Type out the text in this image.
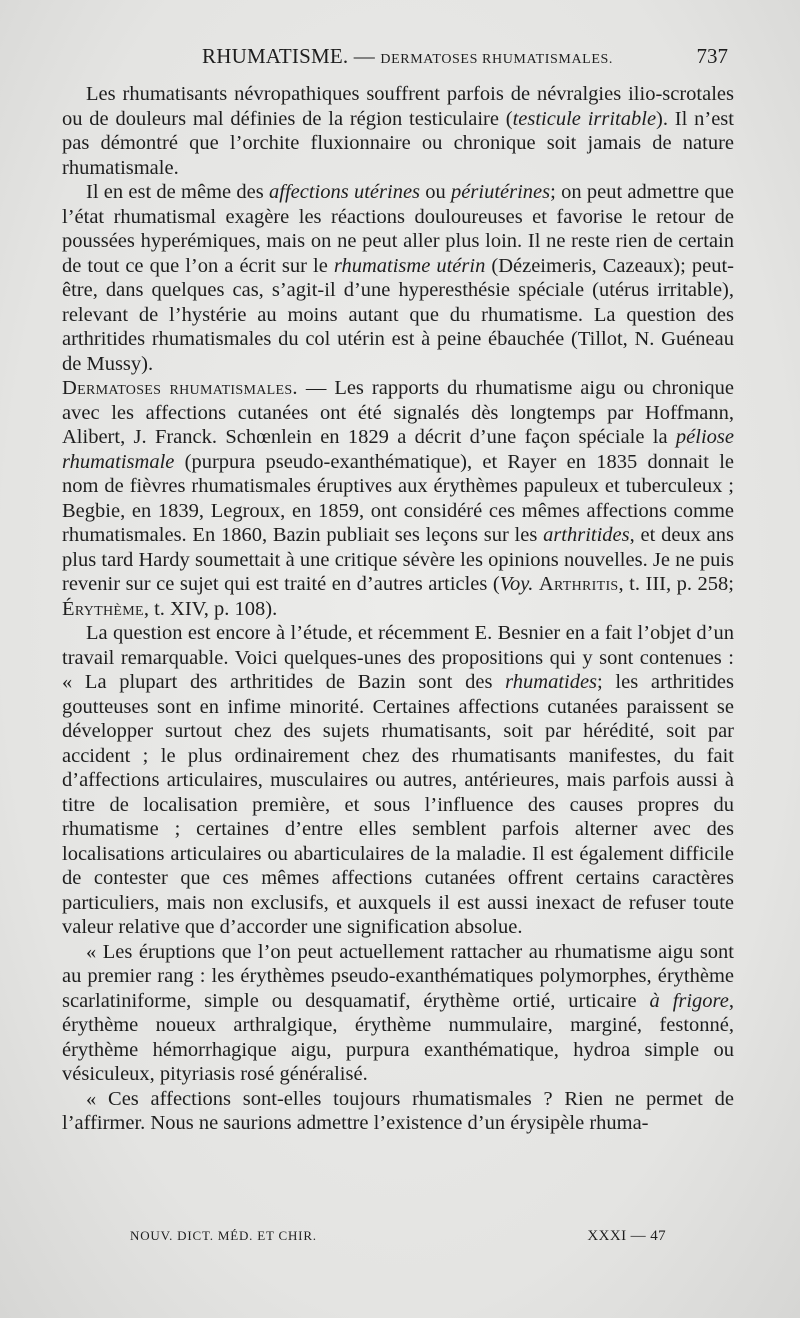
RHUMATISME. — DERMATOSES RHUMATISMALES.	737

Les rhumatisants névropathiques souffrent parfois de névralgies ilio-scrotales ou de douleurs mal définies de la région testiculaire (testicule irritable). Il n’est pas démontré que l’orchite fluxionnaire ou chronique soit jamais de nature rhumatismale.

Il en est de même des affections utérines ou périutérines; on peut admettre que l’état rhumatismal exagère les réactions douloureuses et favorise le retour de poussées hyperémiques, mais on ne peut aller plus loin. Il ne reste rien de certain de tout ce que l’on a écrit sur le rhumatisme utérin (Dézeimeris, Cazeaux); peut-être, dans quelques cas, s’agit-il d’une hyperesthésie spéciale (utérus irritable), relevant de l’hystérie au moins autant que du rhumatisme. La question des arthritides rhumatismales du col utérin est à peine ébauchée (Tillot, N. Guéneau de Mussy).

Dermatoses rhumatismales. — Les rapports du rhumatisme aigu ou chronique avec les affections cutanées ont été signalés dès longtemps par Hoffmann, Alibert, J. Franck. Schœnlein en 1829 a décrit d’une façon spéciale la péliose rhumatismale (purpura pseudo-exanthématique), et Rayer en 1835 donnait le nom de fièvres rhumatismales éruptives aux érythèmes papuleux et tuberculeux ; Begbie, en 1839, Legroux, en 1859, ont considéré ces mêmes affections comme rhumatismales. En 1860, Bazin publiait ses leçons sur les arthritides, et deux ans plus tard Hardy soumettait à une critique sévère les opinions nouvelles. Je ne puis revenir sur ce sujet qui est traité en d’autres articles (Voy. Arthritis, t. III, p. 258; Érythème, t. XIV, p. 108).

La question est encore à l’étude, et récemment E. Besnier en a fait l’objet d’un travail remarquable. Voici quelques-unes des propositions qui y sont contenues : « La plupart des arthritides de Bazin sont des rhumatides; les arthritides goutteuses sont en infime minorité. Certaines affections cutanées paraissent se développer surtout chez des sujets rhumatisants, soit par hérédité, soit par accident ; le plus ordinairement chez des rhumatisants manifestes, du fait d’affections articulaires, musculaires ou autres, antérieures, mais parfois aussi à titre de localisation première, et sous l’influence des causes propres du rhumatisme ; certaines d’entre elles semblent parfois alterner avec des localisations articulaires ou abarticulaires de la maladie. Il est également difficile de contester que ces mêmes affections cutanées offrent certains caractères particuliers, mais non exclusifs, et auxquels il est aussi inexact de refuser toute valeur relative que d’accorder une signification absolue.

« Les éruptions que l’on peut actuellement rattacher au rhumatisme aigu sont au premier rang : les érythèmes pseudo-exanthématiques polymorphes, érythème scarlatiniforme, simple ou desquamatif, érythème ortié, urticaire à frigore, érythème noueux arthralgique, érythème nummulaire, marginé, festonné, érythème hémorrhagique aigu, purpura exanthématique, hydroa simple ou vésiculeux, pityriasis rosé généralisé.

« Ces affections sont-elles toujours rhumatismales ? Rien ne permet de l’affirmer. Nous ne saurions admettre l’existence d’un érysipèle rhuma-

NOUV. DICT. MÉD. ET CHIR.	XXXI — 47
